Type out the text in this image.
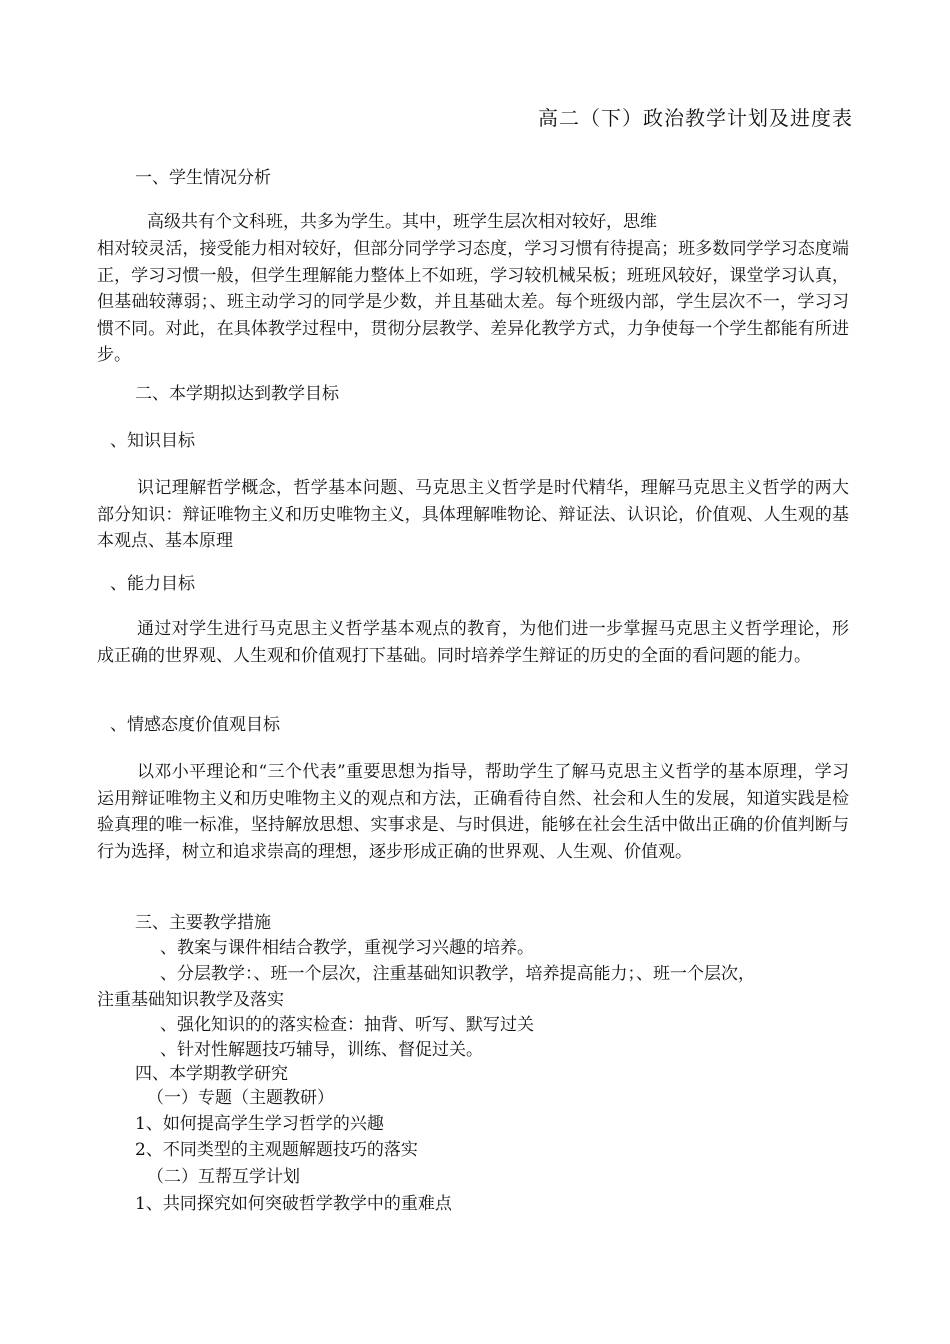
高二（下）政治教学计划及进度表
一、学生情况分析
高级共有个文科班，共多为学生。其中，班学生层次相对较好，思维
相对较灵活，接受能力相对较好，但部分同学学习态度，学习习惯有待提高；班多数同学学习态度端正，学习习惯一般，但学生理解能力整体上不如班，学习较机械呆板；班班风较好，课堂学习认真，但基础较薄弱；、班主动学习的同学是少数，并且基础太差。每个班级内部，学生层次不一，学习习惯不同。对此，在具体教学过程中，贯彻分层教学、差异化教学方式，力争使每一个学生都能有所进步。
二、本学期拟达到教学目标
、知识目标
识记理解哲学概念，哲学基本问题、马克思主义哲学是时代精华，理解马克思主义哲学的两大部分知识：辩证唯物主义和历史唯物主义，具体理解唯物论、辩证法、认识论，价值观、人生观的基本观点、基本原理
、能力目标
通过对学生进行马克思主义哲学基本观点的教育，为他们进一步掌握马克思主义哲学理论，形成正确的世界观、人生观和价值观打下基础。同时培养学生辩证的历史的全面的看问题的能力。
、情感态度价值观目标
以邓小平理论和“三个代表”重要思想为指导，帮助学生了解马克思主义哲学的基本原理，学习运用辩证唯物主义和历史唯物主义的观点和方法，正确看待自然、社会和人生的发展，知道实践是检验真理的唯一标准，坚持解放思想、实事求是、与时俱进，能够在社会生活中做出正确的价值判断与行为选择，树立和追求崇高的理想，逐步形成正确的世界观、人生观、价值观。
三、主要教学措施
、教案与课件相结合教学，重视学习兴趣的培养。
、分层教学：、班一个层次，注重基础知识教学，培养提高能力；、班一个层次，
注重基础知识教学及落实
、强化知识的的落实检查：抽背、听写、默写过关
、针对性解题技巧辅导，训练、督促过关。
四、本学期教学研究
（一）专题（主题教研）
1、如何提高学生学习哲学的兴趣
2、不同类型的主观题解题技巧的落实
（二）互帮互学计划
1、共同探究如何突破哲学教学中的重难点
